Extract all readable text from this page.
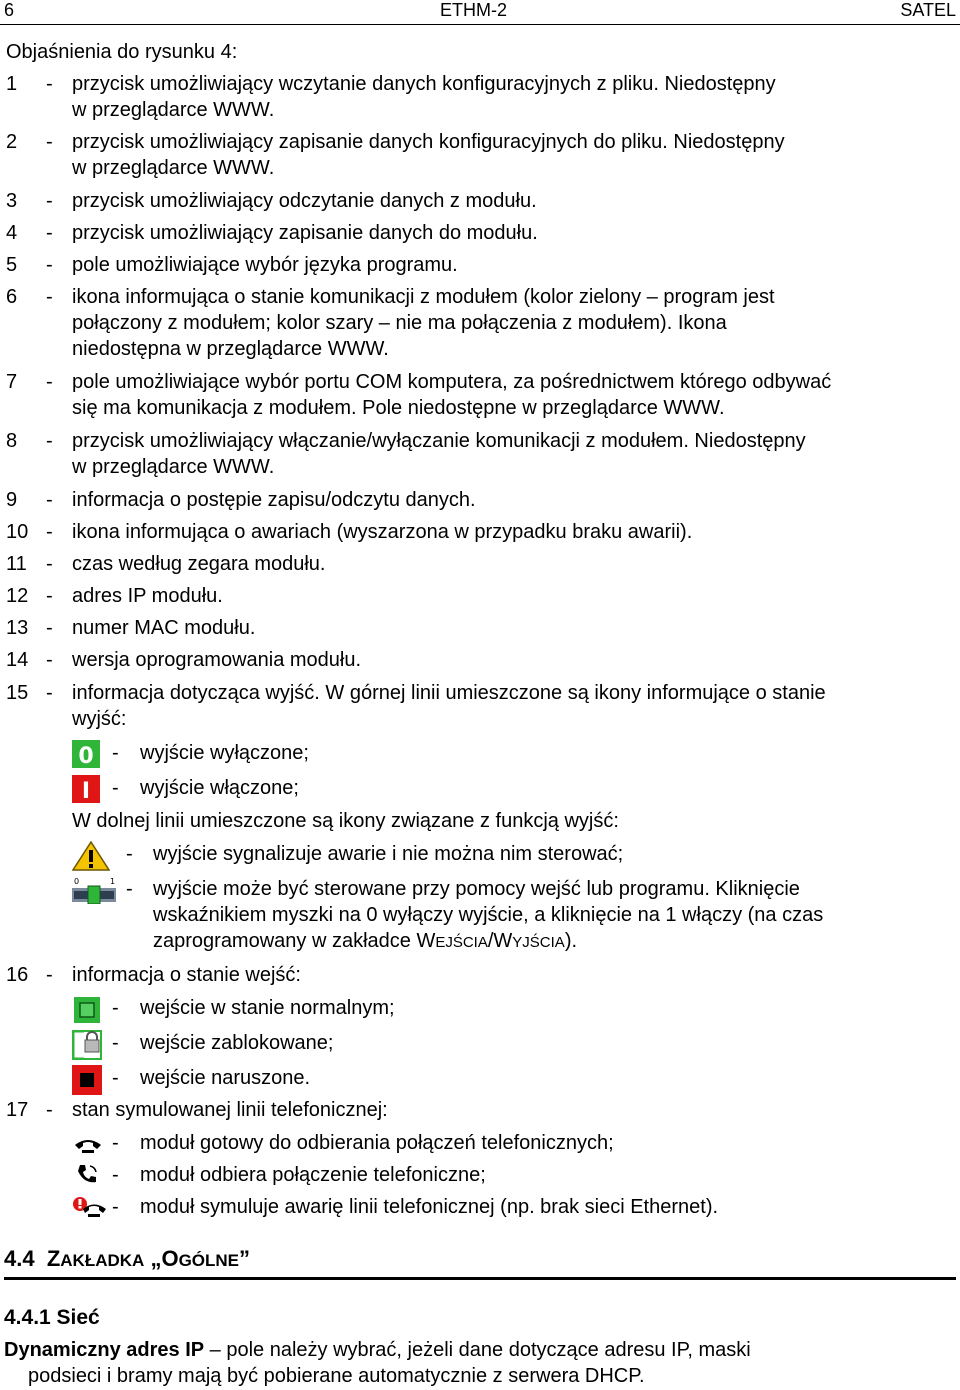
6	ETHM-2	SATEL
Objaśnienia do rysunku 4:
1 - przycisk umożliwiający wczytanie danych konfiguracyjnych z pliku. Niedostępny
w przeglądarce WWW.
2 - przycisk umożliwiający zapisanie danych konfiguracyjnych do pliku. Niedostępny
w przeglądarce WWW.
3 - przycisk umożliwiający odczytanie danych z modułu.
4 - przycisk umożliwiający zapisanie danych do modułu.
5 - pole umożliwiające wybór języka programu.
6 - ikona informująca o stanie komunikacji z modułem (kolor zielony – program jest
połączony z modułem; kolor szary – nie ma połączenia z modułem). Ikona
niedostępna w przeglądarce WWW.
7 - pole umożliwiające wybór portu COM komputera, za pośrednictwem którego odbywać
się ma komunikacja z modułem. Pole niedostępne w przeglądarce WWW.
8 - przycisk umożliwiający włączanie/wyłączanie komunikacji z modułem. Niedostępny
w przeglądarce WWW.
9 - informacja o postępie zapisu/odczytu danych.
10 - ikona informująca o awariach (wyszarzona w przypadku braku awarii).
11 - czas według zegara modułu.
12 - adres IP modułu.
13 - numer MAC modułu.
14 - wersja oprogramowania modułu.
15 - informacja dotycząca wyjść. W górnej linii umieszczone są ikony informujące o stanie
wyjść:
0 - wyjście wyłączone;
I - wyjście włączone;
W dolnej linii umieszczone są ikony związane z funkcją wyjść:
- wyjście sygnalizuje awarie i nie można nim sterować;
0	1 - wyjście może być sterowane przy pomocy wejść lub programu. Kliknięcie
wskaźnikiem myszki na 0 wyłączy wyjście, a kliknięcie na 1 włączy (na czas
zaprogramowany w zakładce WEJŚCIA/WYJŚCIA).
16 - informacja o stanie wejść:
- wejście w stanie normalnym;
- wejście zablokowane;
- wejście naruszone.
17 - stan symulowanej linii telefonicznej:
- moduł gotowy do odbierania połączeń telefonicznych;
- moduł odbiera połączenie telefoniczne;
- moduł symuluje awarię linii telefonicznej (np. brak sieci Ethernet).
4.4 ZAKŁADKA „OGÓLNE”
4.4.1 Sieć
Dynamiczny adres IP – pole należy wybrać, jeżeli dane dotyczące adresu IP, maski
podsieci i bramy mają być pobierane automatycznie z serwera DHCP.
